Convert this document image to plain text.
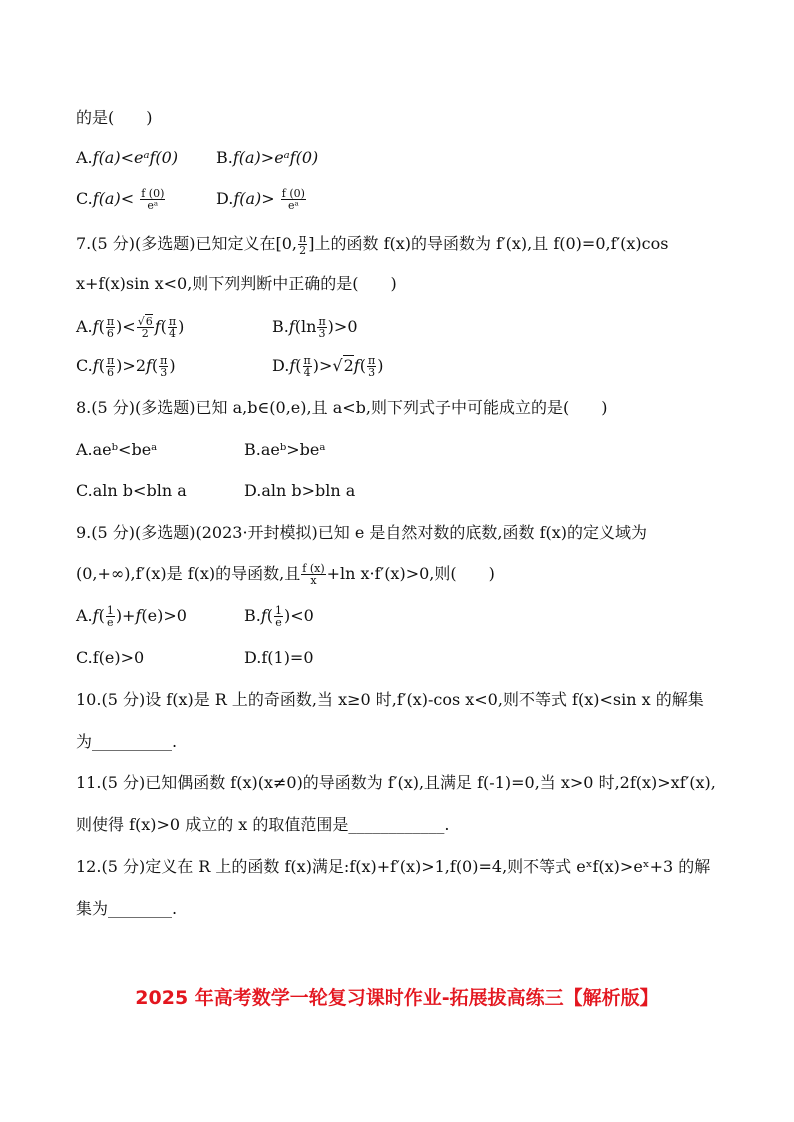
的是(　　)
A.f(a)<eᵃf(0) B.f(a)>eᵃf(0)
$C.f(a)< \frac{f (0)}{\text{eᵃ}}$	$D.f(a)> \frac{f (0)}{\text{eᵃ}}$
7.(5 分)(多选题)已知定义在[0, $\frac{\pi}{2}$ ]上的函数 f(x)的导函数为 f′(x),且 f(0)=0,f′(x)cos
x+f(x)sin x<0,则下列判断中正确的是(　　)
$A.f( \frac{\pi}{6}$ )< $\frac{√6}{2} f( \frac{\pi}{4}$ )	$B.f(\ln \frac{\pi}{3} )>0$
$C.f( \frac{\pi}{6} )>2f( \frac{\pi}{3}$ )	$D.f( \frac{\pi}{4} )>√2f( \frac{\pi}{3}$ )
8.(5 分)(多选题)已知 a,b∈(0,e),且 a<b,则下列式子中可能成立的是(　　)
A.aeᵇ<beᵃ	B.aeᵇ>beᵃ
C.aln b<bln a	D.aln b>bln a
9.(5 分)(多选题)(2023·开封模拟)已知 e 是自然对数的底数,函数 f(x)的定义域为
(0,+∞),f′(x)是 f(x)的导函数,且 $\frac{f (x)}{x} +\ln$ x·f′(x)>0,则(　　)
$A.f( \frac{1}{e} )+f(e)>0$	$B.f( \frac{1}{e} )<0$
C.f(e)>0	D.f(1)=0
10.(5 分)设 f(x)是 R 上的奇函数,当 x≥0 时,f′(x)-cos x<0,则不等式 f(x)<sin x 的解集
为__________.
11.(5 分)已知偶函数 f(x)(x≠0)的导函数为 f′(x),且满足 f(-1)=0,当 x>0 时,2f(x)>xf′(x),
则使得 f(x)>0 成立的 x 的取值范围是____________.
12.(5 分)定义在 R 上的函数 f(x)满足:f(x)+f′(x)>1,f(0)=4,则不等式 eˣf(x)>eˣ+3 的解
集为________.
2025 年高考数学一轮复习课时作业-拓展拔高练三【解析版】
